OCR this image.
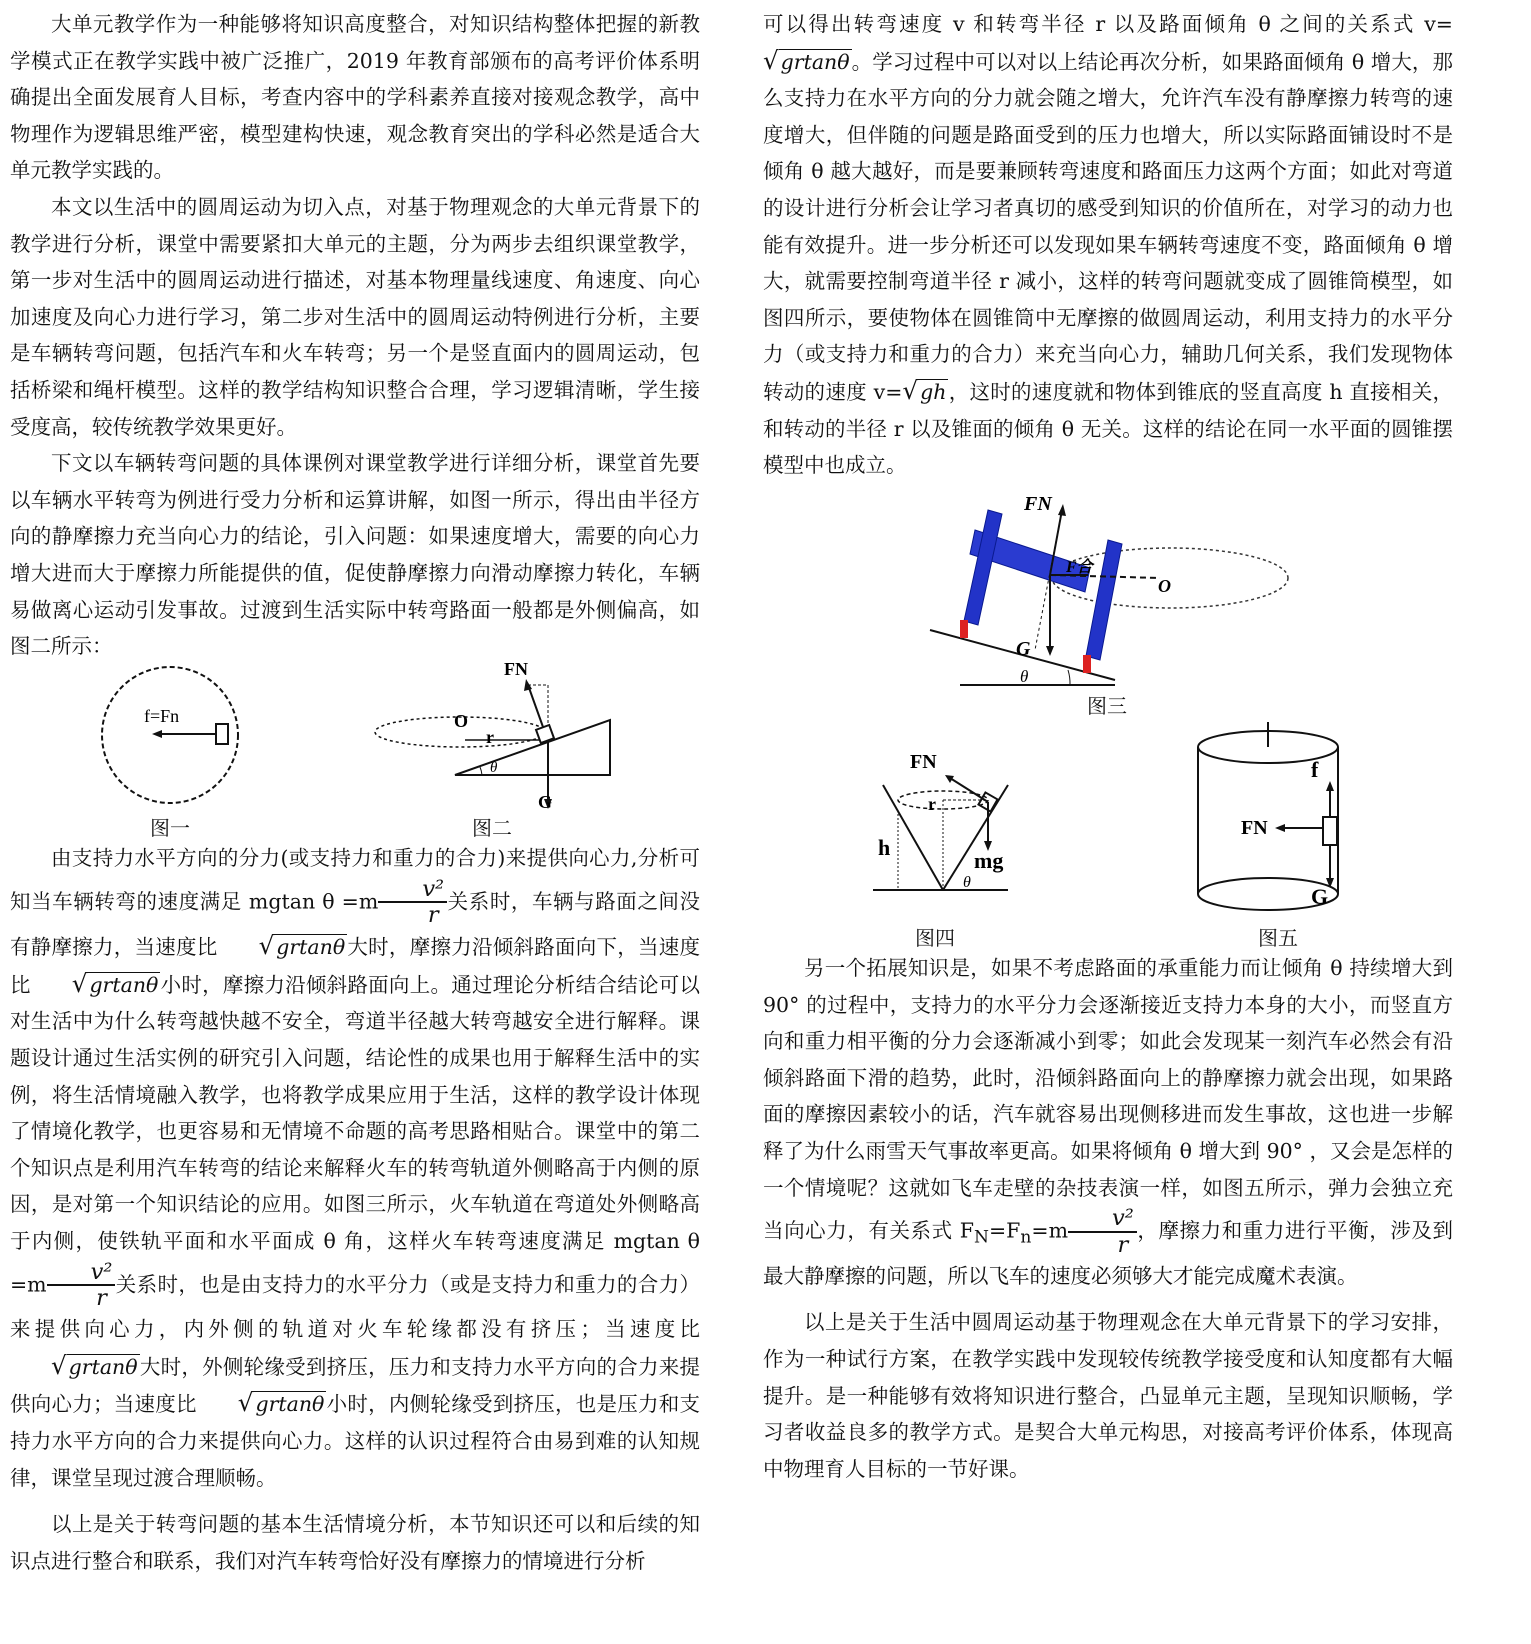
大单元教学作为一种能够将知识高度整合，对知识结构整体把握的新教学模式正在教学实践中被广泛推广，2019 年教育部颁布的高考评价体系明确提出全面发展育人目标，考查内容中的学科素养直接对接观念教学，高中物理作为逻辑思维严密，模型建构快速，观念教育突出的学科必然是适合大单元教学实践的。

本文以生活中的圆周运动为切入点，对基于物理观念的大单元背景下的教学进行分析，课堂中需要紧扣大单元的主题，分为两步去组织课堂教学，第一步对生活中的圆周运动进行描述，对基本物理量线速度、角速度、向心加速度及向心力进行学习，第二步对生活中的圆周运动特例进行分析，主要是车辆转弯问题，包括汽车和火车转弯；另一个是竖直面内的圆周运动，包括桥梁和绳杆模型。这样的教学结构知识整合合理，学习逻辑清晰，学生接受度高，较传统教学效果更好。

下文以车辆转弯问题的具体课例对课堂教学进行详细分析，课堂首先要以车辆水平转弯为例进行受力分析和运算讲解，如图一所示，得出由半径方向的静摩擦力充当向心力的结论，引入问题：如果速度增大，需要的向心力增大进而大于摩擦力所能提供的值，促使静摩擦力向滑动摩擦力转化，车辆易做离心运动引发事故。过渡到生活实际中转弯路面一般都是外侧偏高，如图二所示：

f=Fn
图一
FN
O
r
θ
G
图二

由支持力水平方向的分力(或支持力和重力的合力)来提供向心力,分析可知当车辆转弯的速度满足 mgtan $\theta =m \frac{\text{v²}}{r}$ 关系时，车辆与路面之间没有静摩擦力，当速度比 √grtanθ大时，摩擦力沿倾斜路面向下，当速度比 √grtanθ小时，摩擦力沿倾斜路面向上。通过理论分析结合结论可以对生活中为什么转弯越快越不安全，弯道半径越大转弯越安全进行解释。课题设计通过生活实例的研究引入问题，结论性的成果也用于解释生活中的实例，将生活情境融入教学，也将教学成果应用于生活，这样的教学设计体现了情境化教学，也更容易和无情境不命题的高考思路相贴合。课堂中的第二个知识点是利用汽车转弯的结论来解释火车的转弯轨道外侧略高于内侧的原因，是对第一个知识结论的应用。如图三所示，火车轨道在弯道处外侧略高于内侧，使铁轨平面和水平面成 θ 角，这样火车转弯速度满足 mgtan $\theta =m \frac{\text{v²}}{r}$ 关系时，也是由支持力的水平分力（或是支持力和重力的合力）来提供向心力，内外侧的轨道对火车轮缘都没有挤压；当速度比√grtanθ大时，外侧轮缘受到挤压，压力和支持力水平方向的合力来提供向心力；当速度比 √grtanθ小时，内侧轮缘受到挤压，也是压力和支持力水平方向的合力来提供向心力。这样的认识过程符合由易到难的认知规律，课堂呈现过渡合理顺畅。

以上是关于转弯问题的基本生活情境分析，本节知识还可以和后续的知识点进行整合和联系，我们对汽车转弯恰好没有摩擦力的情境进行分析

可以得出转弯速度 v 和转弯半径 r 以及路面倾角 θ 之间的关系式 v=√grtanθ。学习过程中可以对以上结论再次分析，如果路面倾角 θ 增大，那么支持力在水平方向的分力就会随之增大，允许汽车没有静摩擦力转弯的速度增大，但伴随的问题是路面受到的压力也增大，所以实际路面铺设时不是倾角 θ 越大越好，而是要兼顾转弯速度和路面压力这两个方面；如此对弯道的设计进行分析会让学习者真切的感受到知识的价值所在，对学习的动力也能有效提升。进一步分析还可以发现如果车辆转弯速度不变，路面倾角 θ 增大，就需要控制弯道半径 r 减小，这样的转弯问题就变成了圆锥筒模型，如图四所示，要使物体在圆锥筒中无摩擦的做圆周运动，利用支持力的水平分力（或支持力和重力的合力）来充当向心力，辅助几何关系，我们发现物体转动的速度 v=√gh，这时的速度就和物体到锥底的竖直高度 h 直接相关，和转动的半径 r 以及锥面的倾角 θ 无关。这样的结论在同一水平面的圆锥摆模型中也成立。

FN
F合
O
G
θ
图三
FN
r
h
mg
θ
图四
f
FN
G
图五

另一个拓展知识是，如果不考虑路面的承重能力而让倾角 θ 持续增大到 90° 的过程中，支持力的水平分力会逐渐接近支持力本身的大小，而竖直方向和重力相平衡的分力会逐渐减小到零；如此会发现某一刻汽车必然会有沿倾斜路面下滑的趋势，此时，沿倾斜路面向上的静摩擦力就会出现，如果路面的摩擦因素较小的话，汽车就容易出现侧移进而发生事故，这也进一步解释了为什么雨雪天气事故率更高。如果将倾角 θ 增大到 90° ，又会是怎样的一个情境呢？这就如飞车走壁的杂技表演一样，如图五所示，弹力会独立充当向心力，有关系式 $F_N=F_n=m \frac{\text{v²}}{r}$ ，摩擦力和重力进行平衡，涉及到最大静摩擦的问题，所以飞车的速度必须够大才能完成魔术表演。

以上是关于生活中圆周运动基于物理观念在大单元背景下的学习安排，作为一种试行方案，在教学实践中发现较传统教学接受度和认知度都有大幅提升。是一种能够有效将知识进行整合，凸显单元主题，呈现知识顺畅，学习者收益良多的教学方式。是契合大单元构思，对接高考评价体系，体现高中物理育人目标的一节好课。
